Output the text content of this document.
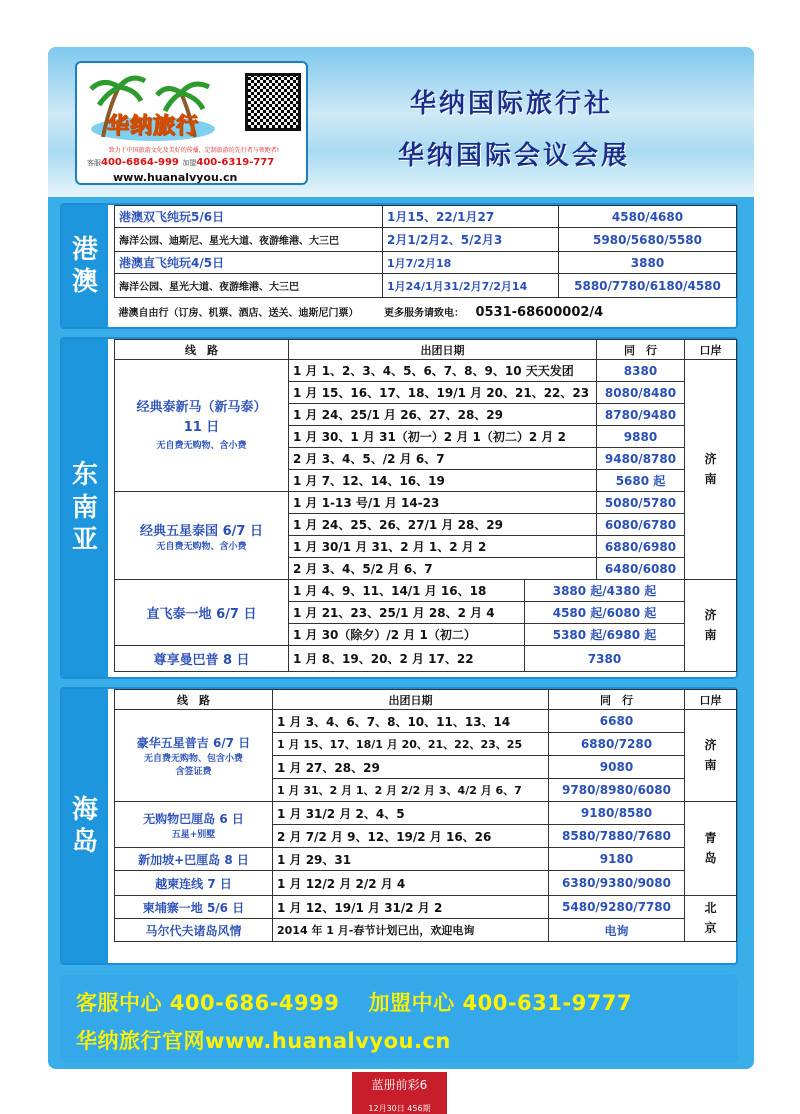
华纳旅行
致力于中国旅游文化及美好的传播，定制旅游的先行者与领跑者!
客服400-6864-999 加盟400-6319-777
www.huanalvyou.cn
华纳国际旅行社
华纳国际会议会展
港
澳
港澳双飞纯玩5/6日	1月15、22/1月27	4580/4680
海洋公园、迪斯尼、星光大道、夜游维港、大三巴	2月1/2月2、5/2月3	5980/5680/5580
港澳直飞纯玩4/5日	1月7/2月18	3880
海洋公园、星光大道、夜游维港、大三巴	1月24/1月31/2月7/2月14	5880/7780/6180/4580
港澳自由行（订房、机票、酒店、送关、迪斯尼门票） 更多服务请致电： 0531-68600002/4		
东
南
亚
线　路	出团日期		同　行	口岸
经典泰新马（新马泰）
11 日
无自费无购物、含小费	1 月 1、2、3、4、5、6、7、8、9、10 天天发团		8380	济
南
	1 月 15、16、17、18、19/1 月 20、21、22、23		8080/8480	
	1 月 24、25/1 月 26、27、28、29		8780/9480	
	1 月 30、1 月 31（初一）2 月 1（初二）2 月 2		9880	
	2 月 3、4、5、/2 月 6、7		9480/8780	
	1 月 7、12、14、16、19		5680 起	
经典五星泰国 6/7 日
无自费无购物、含小费	1 月 1-13 号/1 月 14-23		5080/5780	
	1 月 24、25、26、27/1 月 28、29		6080/6780	
	1 月 30/1 月 31、2 月 1、2 月 2		6880/6980	
	2 月 3、4、5/2 月 6、7		6480/6080	
直飞泰一地 6/7 日	1 月 4、9、11、14/1 月 16、18	3880 起/4380 起		济
南
	1 月 21、23、25/1 月 28、2 月 4	4580 起/6080 起		
	1 月 30（除夕）/2 月 1（初二）	5380 起/6980 起		
尊享曼巴普 8 日	1 月 8、19、20、2 月 17、22	7380		
海
岛
线　路	出团日期	同　行	口岸
豪华五星普吉 6/7 日
无自费无购物、包含小费
含签证费	1 月 3、4、6、7、8、10、11、13、14	6680	济
南
	1 月 15、17、18/1 月 20、21、22、23、25	6880/7280	
	1 月 27、28、29	9080	
	1 月 31、2 月 1、2 月 2/2 月 3、4/2 月 6、7	9780/8980/6080	
无购物巴厘岛 6 日
五星+别墅	1 月 31/2 月 2、4、5	9180/8580	青
岛
	2 月 7/2 月 9、12、19/2 月 16、26	8580/7880/7680	
新加坡+巴厘岛 8 日	1 月 29、31	9180	
越柬连线 7 日	1 月 12/2 月 2/2 月 4	6380/9380/9080	
柬埔寨一地 5/6 日	1 月 12、19/1 月 31/2 月 2	5480/9280/7780	北
京
马尔代夫诸岛风情	2014 年 1 月-春节计划已出，欢迎电询	电询	
客服中心 400-686-4999　 加盟中心 400-631-9777
华纳旅行官网www.huanalvyou.cn
蓝册前彩6
12月30日 456期
